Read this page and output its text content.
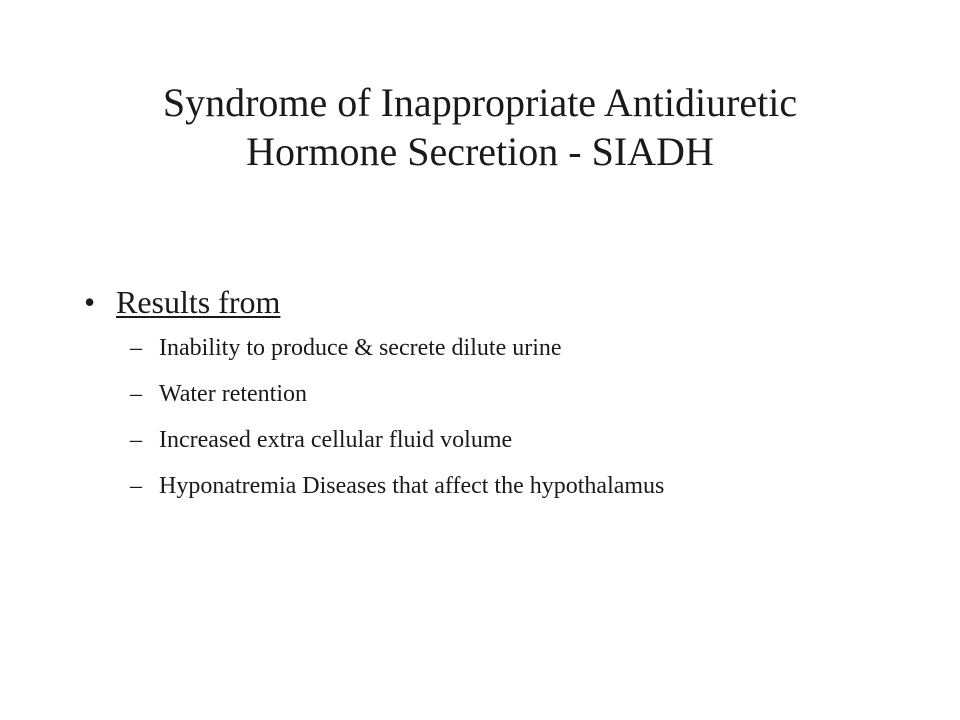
Syndrome of Inappropriate Antidiuretic
Hormone Secretion - SIADH
• Results from
– Inability to produce & secrete dilute urine
– Water retention
– Increased extra cellular fluid volume
– Hyponatremia Diseases that affect the hypothalamus
